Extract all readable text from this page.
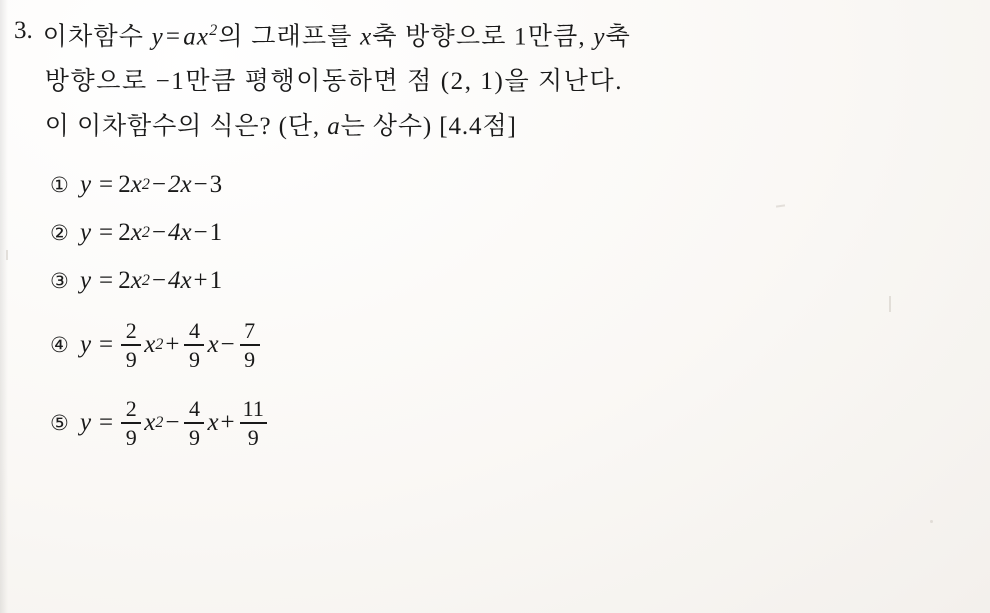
3. 이차함수 $y=ax^2$의 그래프를 x축 방향으로 1만큼, y축
방향으로 −1만큼 평행이동하면 점 (2, 1)을 지난다.
이 이차함수의 식은? (단, a는 상수) [4.4점]
① y = 2 x 2 − 2x − 3
② y = 2 x 2 − 4x − 1
③ y = 2 x 2 − 4x + 1
④ $y = \frac{2}{9}$ x $2 + \frac{4}{9}$ $x - \frac{7}{9}$
⑤ $y = \frac{2}{9}$ x $2 - \frac{4}{9}$ $x + \frac{11}{9}$
